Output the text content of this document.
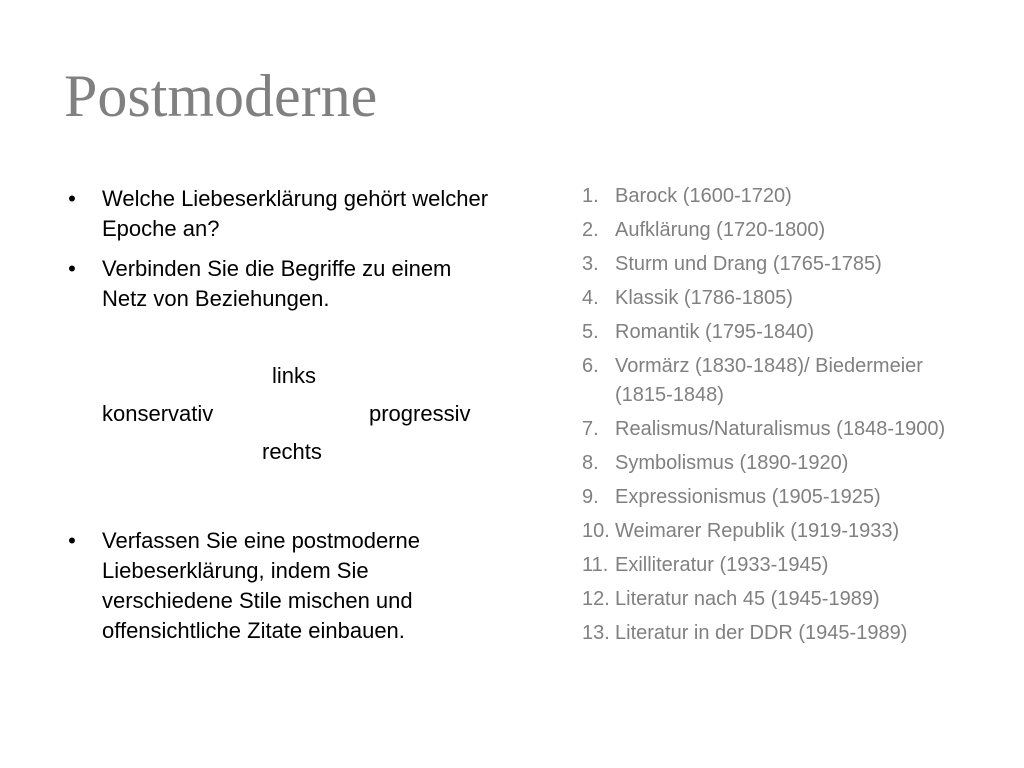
Postmoderne
• Welche Liebeserklärung gehört welcher Epoche an?
• Verbinden Sie die Begriffe zu einem Netz von Beziehungen.
links
konservativ	progressiv
rechts
• Verfassen Sie eine postmoderne Liebeserklärung, indem Sie verschiedene Stile mischen und offensichtliche Zitate einbauen.
1. Barock (1600-1720)
2. Aufklärung (1720-1800)
3. Sturm und Drang (1765-1785)
4. Klassik (1786-1805)
5. Romantik (1795-1840)
6. Vormärz (1830-1848)/ Biedermeier (1815-1848)
7. Realismus/Naturalismus (1848-1900)
8. Symbolismus (1890-1920)
9. Expressionismus (1905-1925)
10. Weimarer Republik (1919-1933)
11. Exilliteratur (1933-1945)
12. Literatur nach 45 (1945-1989)
13. Literatur in der DDR (1945-1989)
